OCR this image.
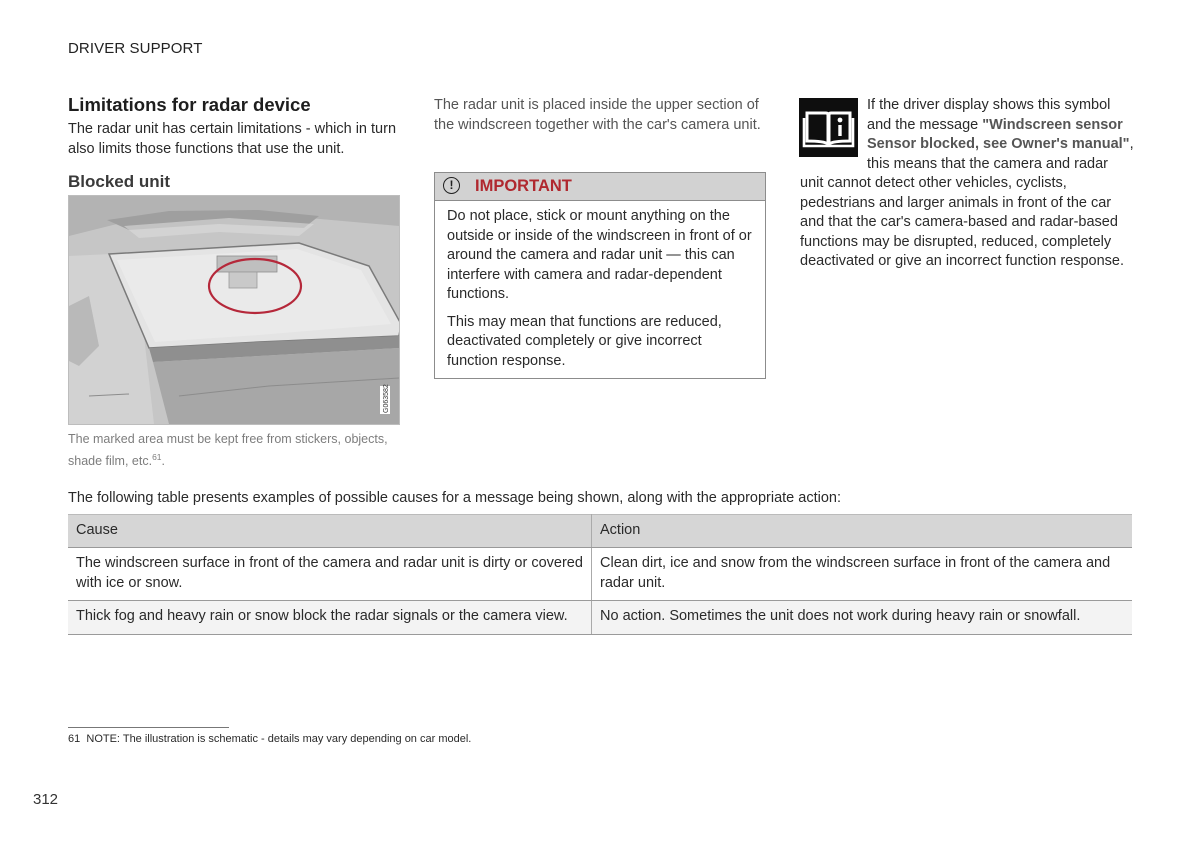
DRIVER SUPPORT
Limitations for radar device
The radar unit has certain limitations - which in turn also limits those functions that use the unit.
Blocked unit
G063582
The marked area must be kept free from stickers, objects, shade film, etc.$^{61}$.
The radar unit is placed inside the upper section of the windscreen together with the car's camera unit.
!	IMPORTANT

Do not place, stick or mount anything on the outside or inside of the windscreen in front of or around the camera and radar unit — this can interfere with camera and radar-dependent functions.

This may mean that functions are reduced, deactivated completely or give incorrect function response.

If the driver display shows this symbol and the message "Windscreen sensor Sensor blocked, see Owner's manual", this means that the camera and radar unit cannot detect other vehicles, cyclists, pedestrians and larger animals in front of the car and that the car's camera-based and radar-based functions may be disrupted, reduced, completely deactivated or give an incorrect function response.
The following table presents examples of possible causes for a message being shown, along with the appropriate action:
Cause	Action
The windscreen surface in front of the camera and radar unit is dirty or covered with ice or snow.	Clean dirt, ice and snow from the windscreen surface in front of the camera and radar unit.
Thick fog and heavy rain or snow block the radar signals or the camera view.	No action. Sometimes the unit does not work during heavy rain or snowfall.
61 NOTE: The illustration is schematic - details may vary depending on car model.
312
